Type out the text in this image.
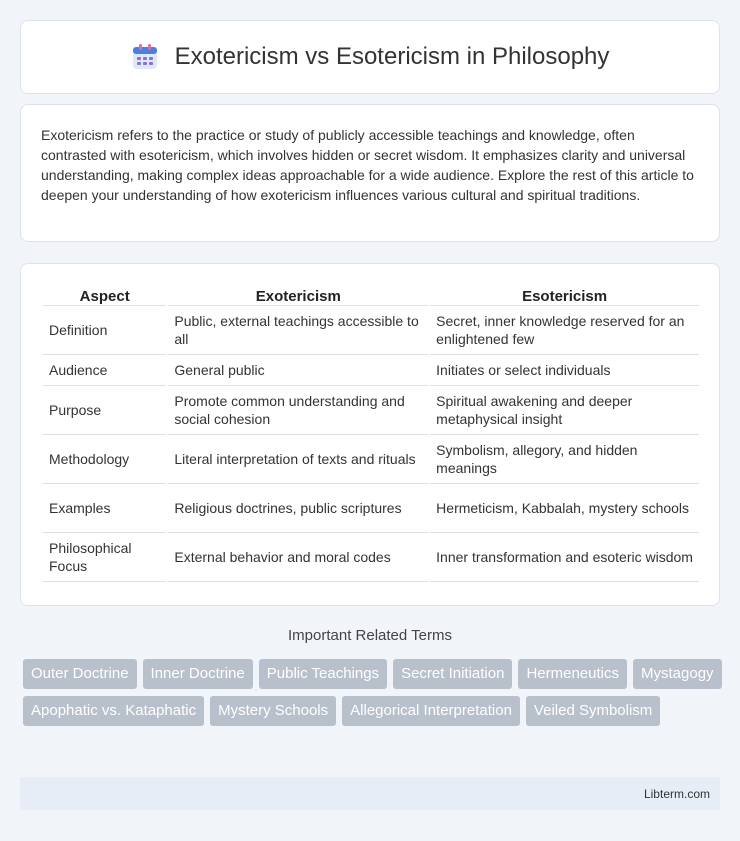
Exotericism vs Esotericism in Philosophy

Exotericism refers to the practice or study of publicly accessible teachings and knowledge, often contrasted with esotericism, which involves hidden or secret wisdom. It emphasizes clarity and universal understanding, making complex ideas approachable for a wide audience. Explore the rest of this article to deepen your understanding of how exotericism influences various cultural and spiritual traditions.

Aspect	Exotericism	Esotericism
Definition	Public, external teachings accessible to all	Secret, inner knowledge reserved for an enlightened few
Audience	General public	Initiates or select individuals
Purpose	Promote common understanding and social cohesion	Spiritual awakening and deeper metaphysical insight
Methodology	Literal interpretation of texts and rituals	Symbolism, allegory, and hidden meanings
Examples	Religious doctrines, public scriptures	Hermeticism, Kabbalah, mystery schools
Philosophical Focus	External behavior and moral codes	Inner transformation and esoteric wisdom
Important Related Terms
Outer Doctrine	Inner Doctrine	Public Teachings	Secret Initiation	Hermeneutics	Mystagogy
Apophatic vs. Kataphatic	Mystery Schools	Allegorical Interpretation	Veiled Symbolism
Libterm.com
